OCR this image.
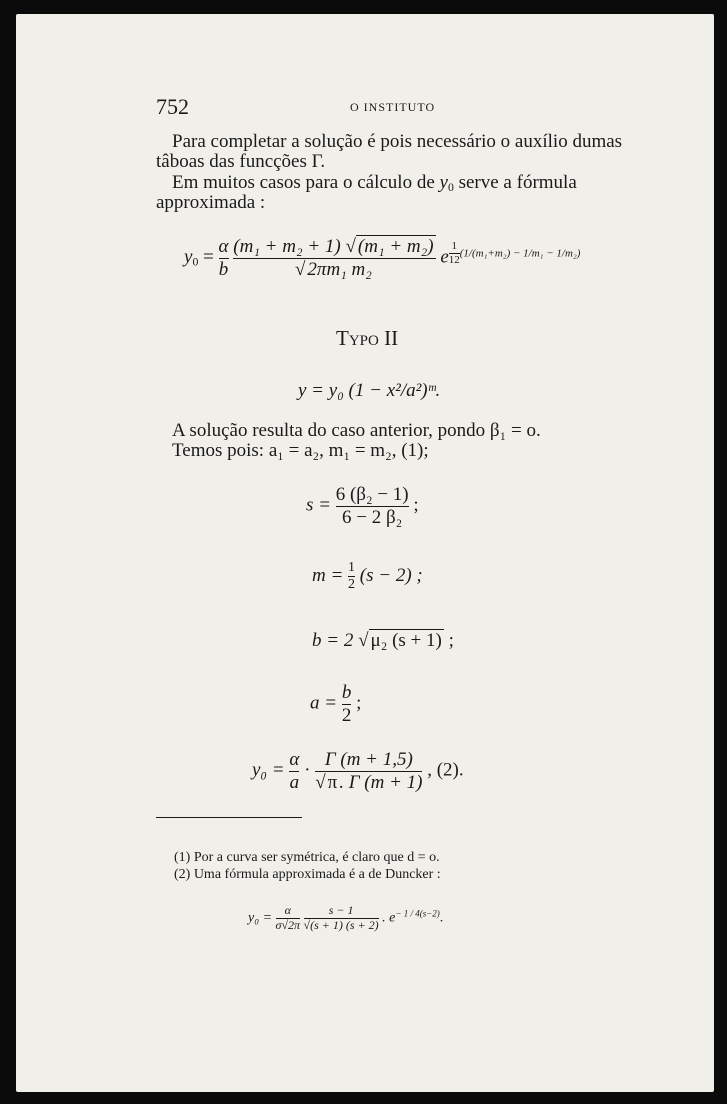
752	O INSTITUTO
Para completar a solução é pois necessário o auxílio dumas tâboas das funcções Γ.
Em muitos casos para o cálculo de $y_0$ serve a fórmula
approximada :
$y_0 = \frac{\alpha}{b}$
$\frac{\text{(m₁ + m₂ + 1) √ (m₁ + m₂)}}{\text{√ 2πm₁ m₂}}$ e $^{\frac{1}{12}}$ $^{(1/(m_1+m_2) - 1/m_1 - 1/m_2)}$
Typo II
y = y₀ (1 − x²/a²)ᵐ.
A solução resulta do caso anterior, pondo β₁ = o.
Temos pois: a₁ = a₂, m₁ = m₂, (1);
$s = \frac{\text{6 (β₂ − 1)}}{\text{6 − 2 β₂}}$ ;
$m = \frac{1}{2} (s - 2)$ ;
b = 2 √ μ₂ (s + 1) ;
$a = \frac{b}{2}$ ;
$y_0 = \frac{\alpha}{a} \cdot \frac{\Gamma (m + 1,5)}{√ \pi . \Gamma (m + 1)}$ , (2).
(1) Por a curva ser symétrica, é claro que d = o.
(2) Uma fórmula approximada é a de Duncker :
$y_0 = \frac{\alpha}{\sigma√2\pi}$
$\frac{s - 1}{√(s + 1) (s + 2)}$ . $e^{- 1 / 4(s-2)}$.
